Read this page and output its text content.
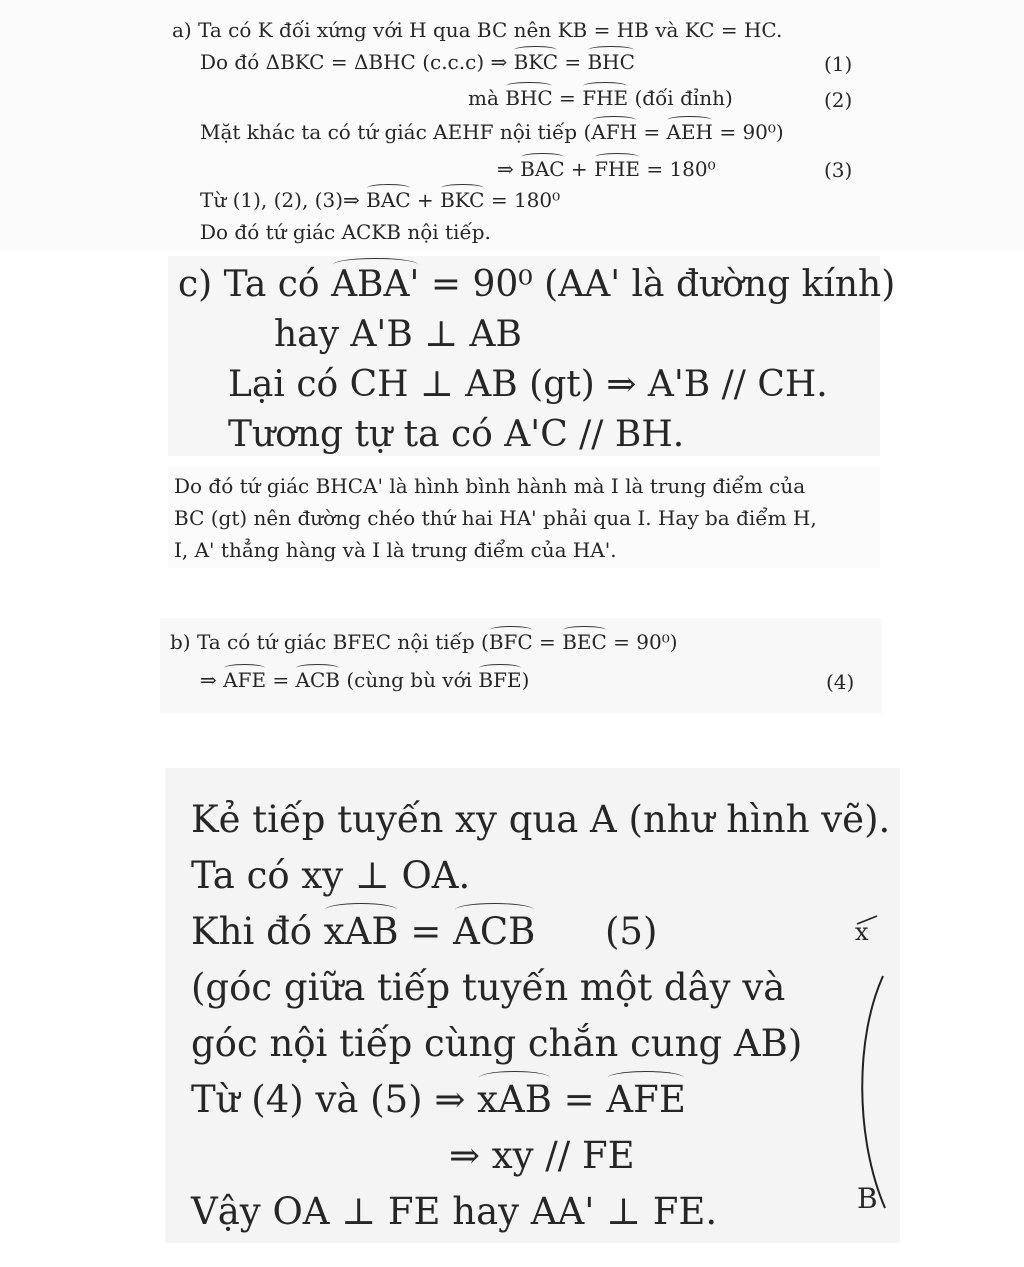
a) Ta có K đối xứng với H qua BC nên KB = HB và KC = HC.
Do đó ΔBKC = ΔBHC (c.c.c) ⇒ BKC = BHC	(1)
mà BHC = FHE (đối đỉnh)	(2)
Mặt khác ta có tứ giác AEHF nội tiếp (AFH = AEH = 90⁰)
⇒ BAC + FHE = 180⁰	(3)
Từ (1), (2), (3)⇒ BAC + BKC = 180⁰
Do đó tứ giác ACKB nội tiếp.
c) Ta có ABA' = 90⁰ (AA' là đường kính)
hay A'B ⊥ AB
Lại có CH ⊥ AB (gt) ⇒ A'B // CH.
Tương tự ta có A'C // BH.
Do đó tứ giác BHCA' là hình bình hành mà I là trung điểm của
BC (gt) nên đường chéo thứ hai HA' phải qua I. Hay ba điểm H,
I, A' thẳng hàng và I là trung điểm của HA'.
b) Ta có tứ giác BFEC nội tiếp (BFC = BEC = 90⁰)
⇒ AFE = ACB (cùng bù với BFE)	(4)
Kẻ tiếp tuyến xy qua A (như hình vẽ).
Ta có xy ⊥ OA.
Khi đó xAB = ACB (5)
(góc giữa tiếp tuyến một dây và
góc nội tiếp cùng chắn cung AB)
Từ (4) và (5) ⇒ xAB = AFE
⇒ xy // FE
Vậy OA ⊥ FE hay AA' ⊥ FE.
x
B
